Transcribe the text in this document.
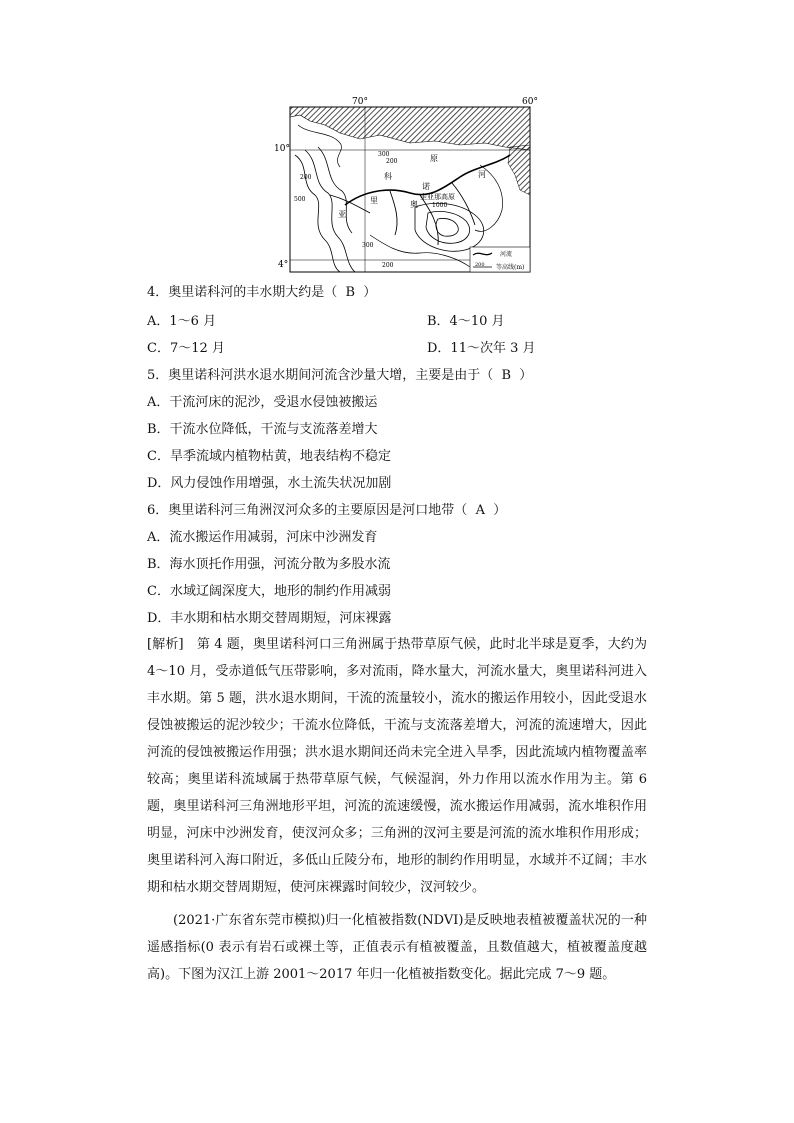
70°	60°
10°
4°
300
200
200
500
1000
300
200
原
河
诺
科
里	奥
亚
圭亚那高原
河流
200 等高线(m)
4．奥里诺科河的丰水期大约是（ B ）
A．1～6 月	B．4～10 月
C．7～12 月	D．11～次年 3 月
5．奥里诺科河洪水退水期间河流含沙量大增，主要是由于（ B ）
A．干流河床的泥沙，受退水侵蚀被搬运
B．干流水位降低，干流与支流落差增大
C．旱季流域内植物枯黄，地表结构不稳定
D．风力侵蚀作用增强，水土流失状况加剧
6．奥里诺科河三角洲汊河众多的主要原因是河口地带（ A ）
A．流水搬运作用减弱，河床中沙洲发育
B．海水顶托作用强，河流分散为多股水流
C．水域辽阔深度大，地形的制约作用减弱
D．丰水期和枯水期交替周期短，河床裸露
[解析]　第 4 题，奥里诺科河口三角洲属于热带草原气候，此时北半球是夏季，大约为 4～10 月，受赤道低气压带影响，多对流雨，降水量大，河流水量大，奥里诺科河进入丰水期。第 5 题，洪水退水期间，干流的流量较小，流水的搬运作用较小，因此受退水侵蚀被搬运的泥沙较少；干流水位降低，干流与支流落差增大，河流的流速增大，因此河流的侵蚀被搬运作用强；洪水退水期间还尚未完全进入旱季，因此流域内植物覆盖率较高；奥里诺科流域属于热带草原气候，气候湿润，外力作用以流水作用为主。第 6 题，奥里诺科河三角洲地形平坦，河流的流速缓慢，流水搬运作用减弱，流水堆积作用明显，河床中沙洲发育，使汊河众多；三角洲的汊河主要是河流的流水堆积作用形成；奥里诺科河入海口附近，多低山丘陵分布，地形的制约作用明显，水域并不辽阔；丰水期和枯水期交替周期短，使河床裸露时间较少，汊河较少。
(2021·广东省东莞市模拟)归一化植被指数(NDVI)是反映地表植被覆盖状况的一种遥感指标(0 表示有岩石或裸土等，正值表示有植被覆盖，且数值越大，植被覆盖度越高)。下图为汉江上游 2001～2017 年归一化植被指数变化。据此完成 7～9 题。
